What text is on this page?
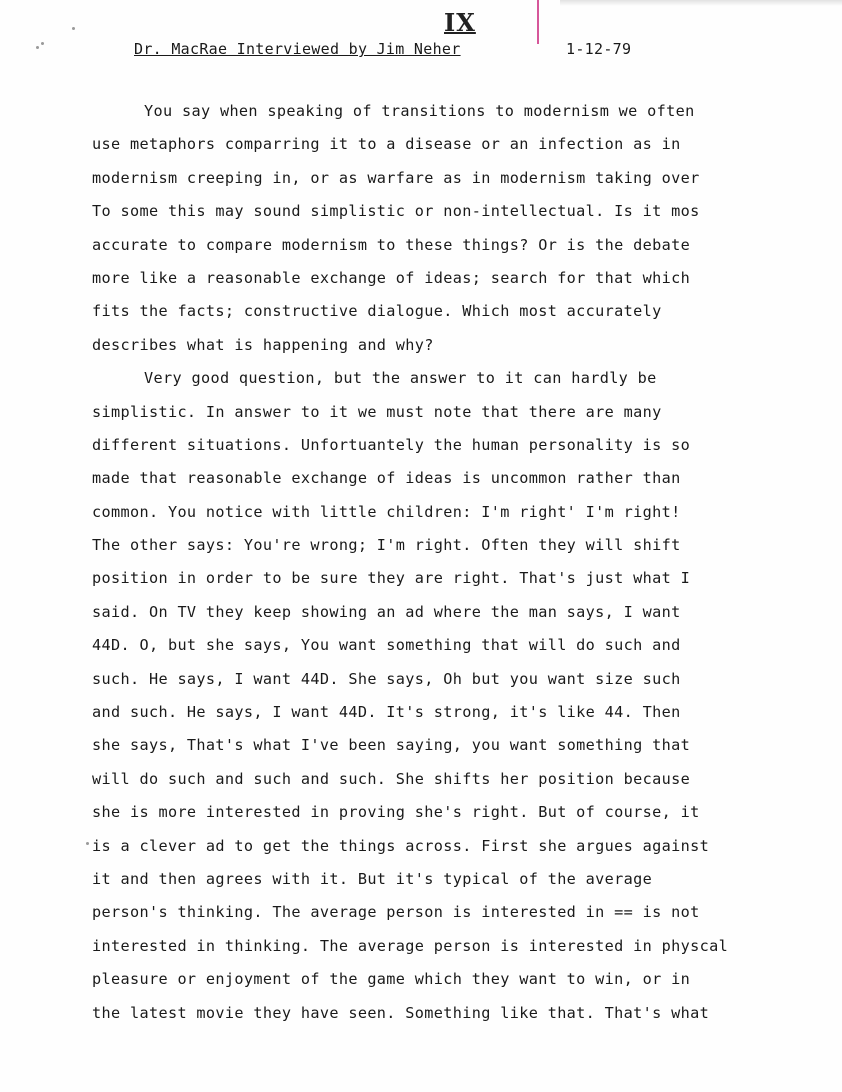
IX
Dr. MacRae Interviewed by Jim Neher	1-12-79
You say when speaking of transitions to modernism we often
use metaphors comparring it to a disease or an infection as in
modernism creeping in, or as warfare as in modernism taking over
To some this may sound simplistic or non-intellectual. Is it mos
accurate to compare modernism to these things? Or is the debate
more like a reasonable exchange of ideas; search for that which
fits the facts; constructive dialogue. Which most accurately
describes what is happening and why?
Very good question, but the answer to it can hardly be
simplistic. In answer to it we must note that there are many
different situations. Unfortuantely the human personality is so
made that reasonable exchange of ideas is uncommon rather than
common. You notice with little children: I'm right' I'm right!
The other says: You're wrong; I'm right. Often they will shift
position in order to be sure they are right. That's just what I
said. On TV they keep showing an ad where the man says, I want
44D. O, but she says, You want something that will do such and
such. He says, I want 44D. She says, Oh but you want size such
and such. He says, I want 44D. It's strong, it's like 44. Then
she says, That's what I've been saying, you want something that
will do such and such and such. She shifts her position because
she is more interested in proving she's right. But of course, it
is a clever ad to get the things across. First she argues against
it and then agrees with it. But it's typical of the average
person's thinking. The average person is interested in == is not
interested in thinking. The average person is interested in physcal
pleasure or enjoyment of the game which they want to win, or in
the latest movie they have seen. Something like that. That's what
